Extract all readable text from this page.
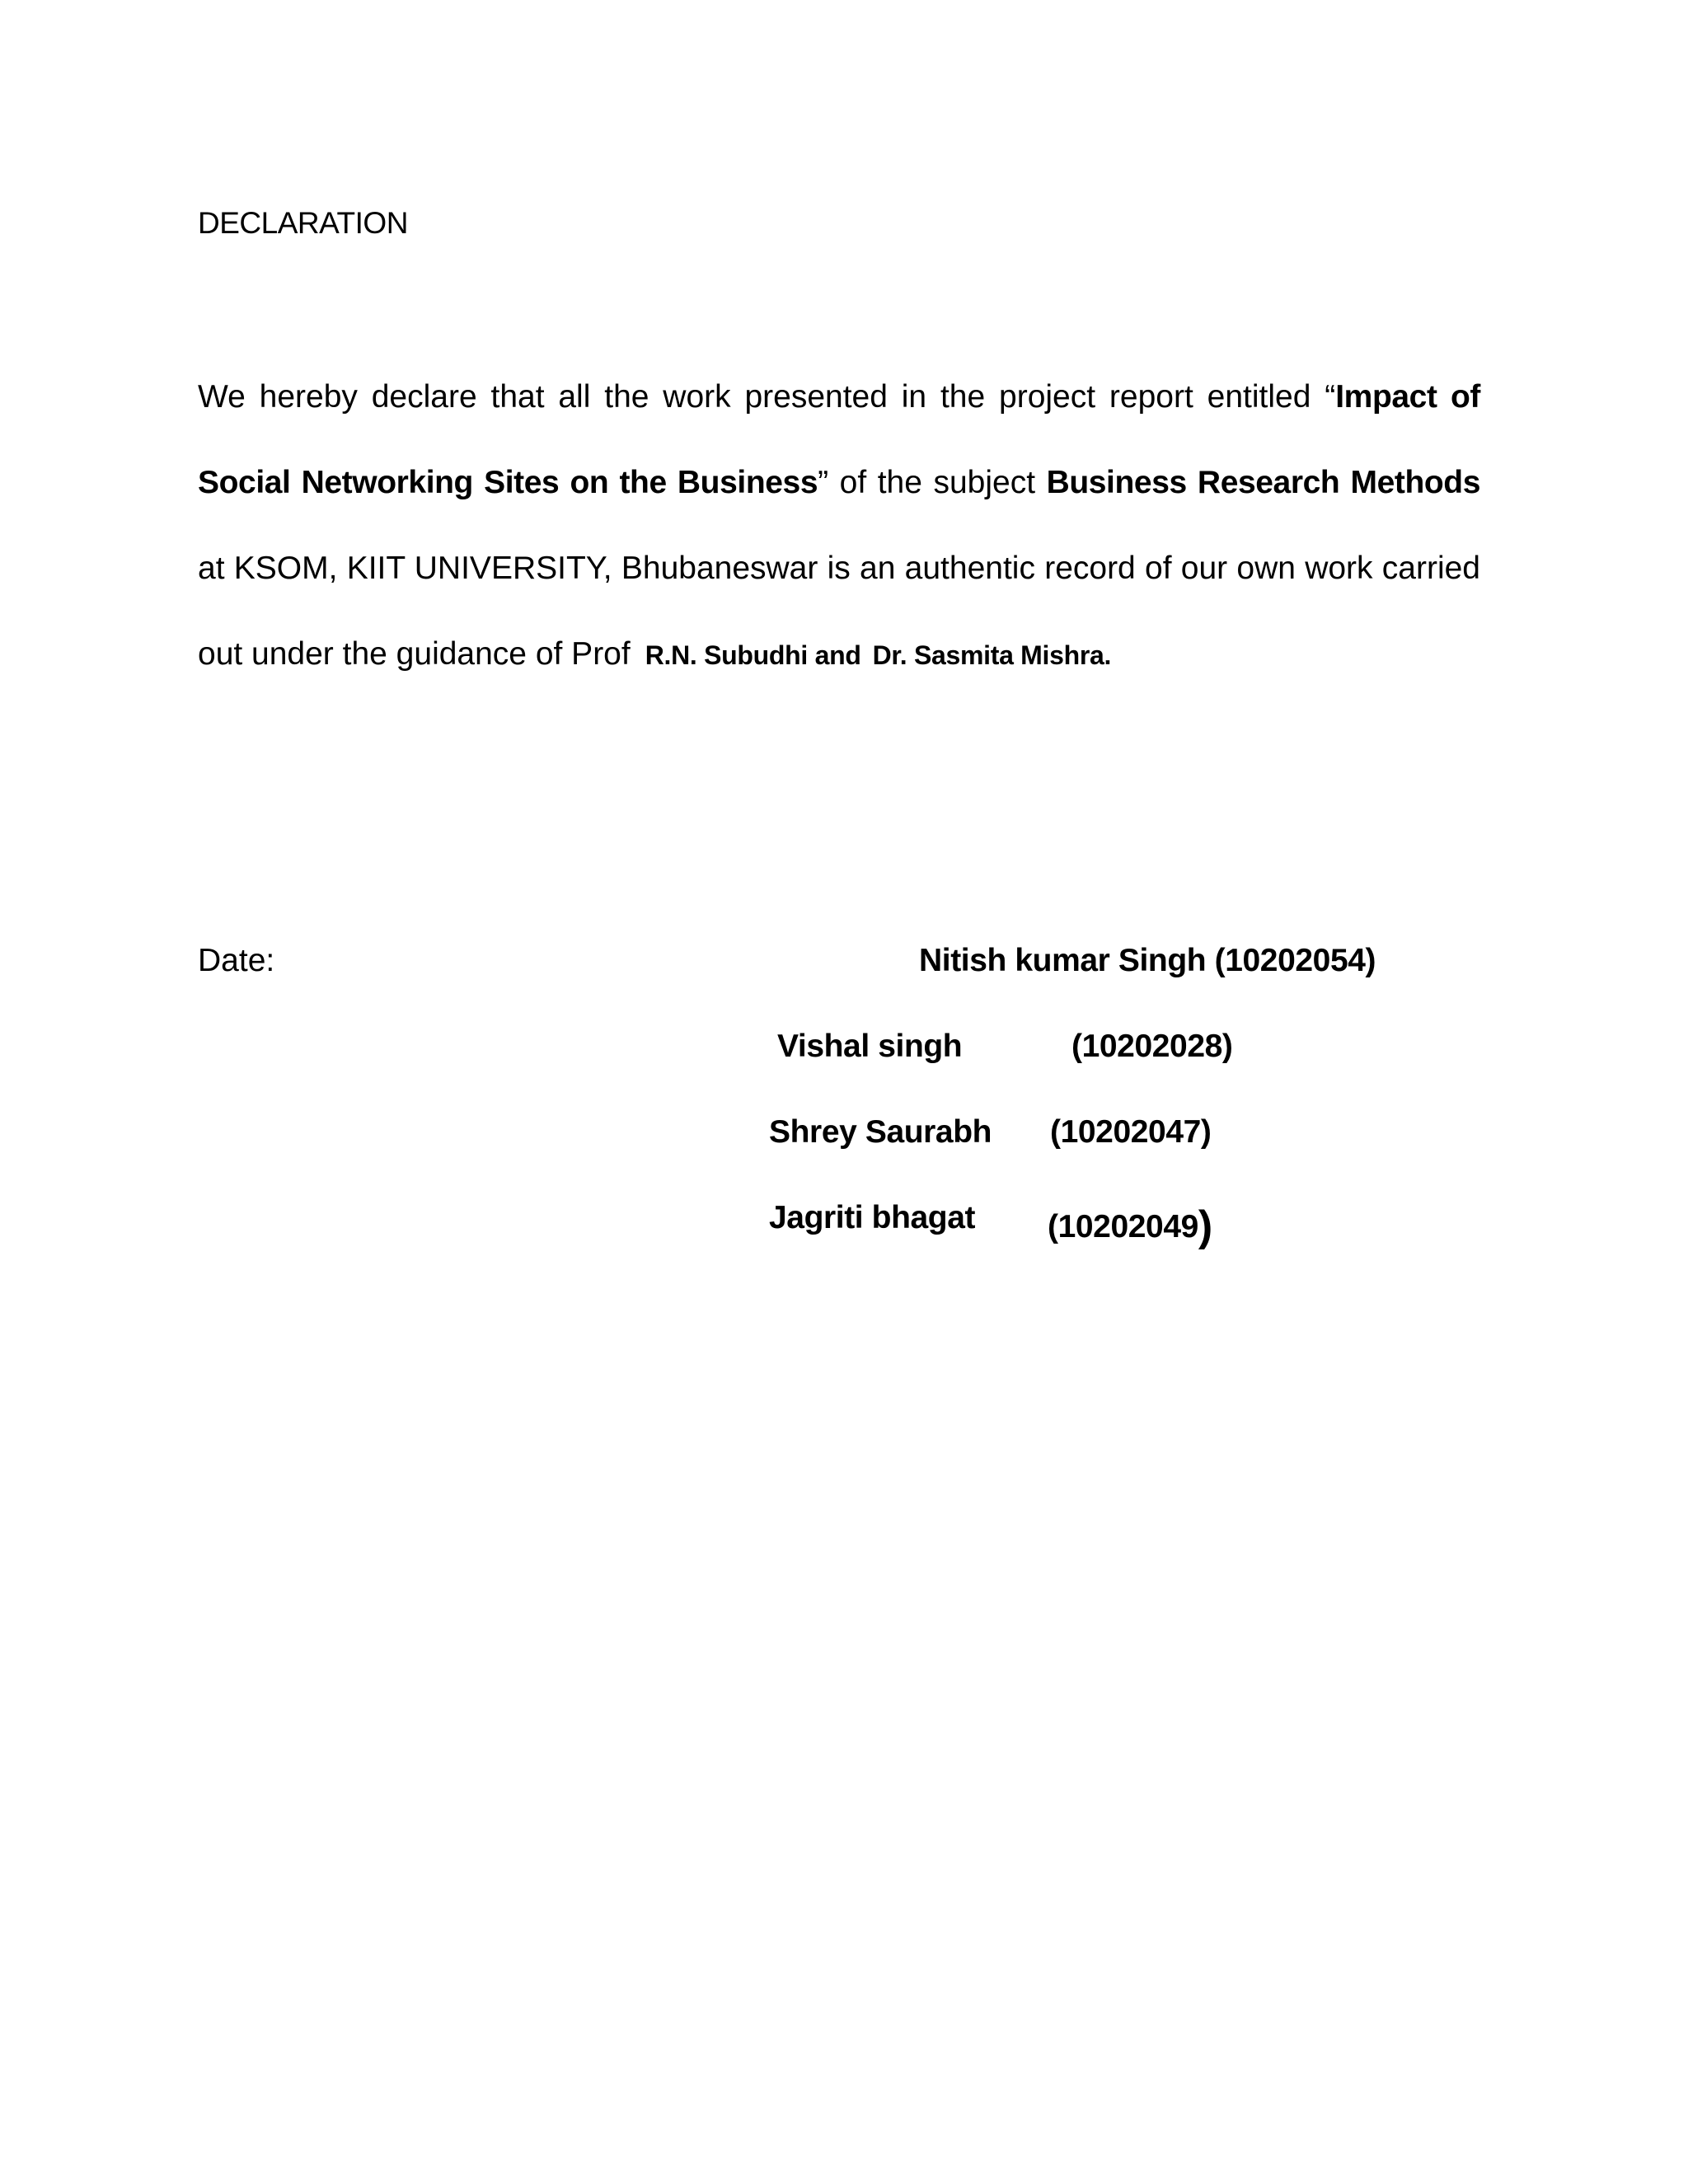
DECLARATION

We hereby declare that all the work presented in the project report entitled “Impact of Social Networking Sites on the Business” of the subject Business Research Methods at KSOM, KIIT UNIVERSITY, Bhubaneswar is an authentic record of our own work carried out under the guidance of Prof R.N. Subudhi and Dr. Sasmita Mishra.

Date:	Nitish kumar Singh (10202054)
Vishal singh	(10202028)
Shrey Saurabh (10202047)
Jagriti bhagat (10202049)
